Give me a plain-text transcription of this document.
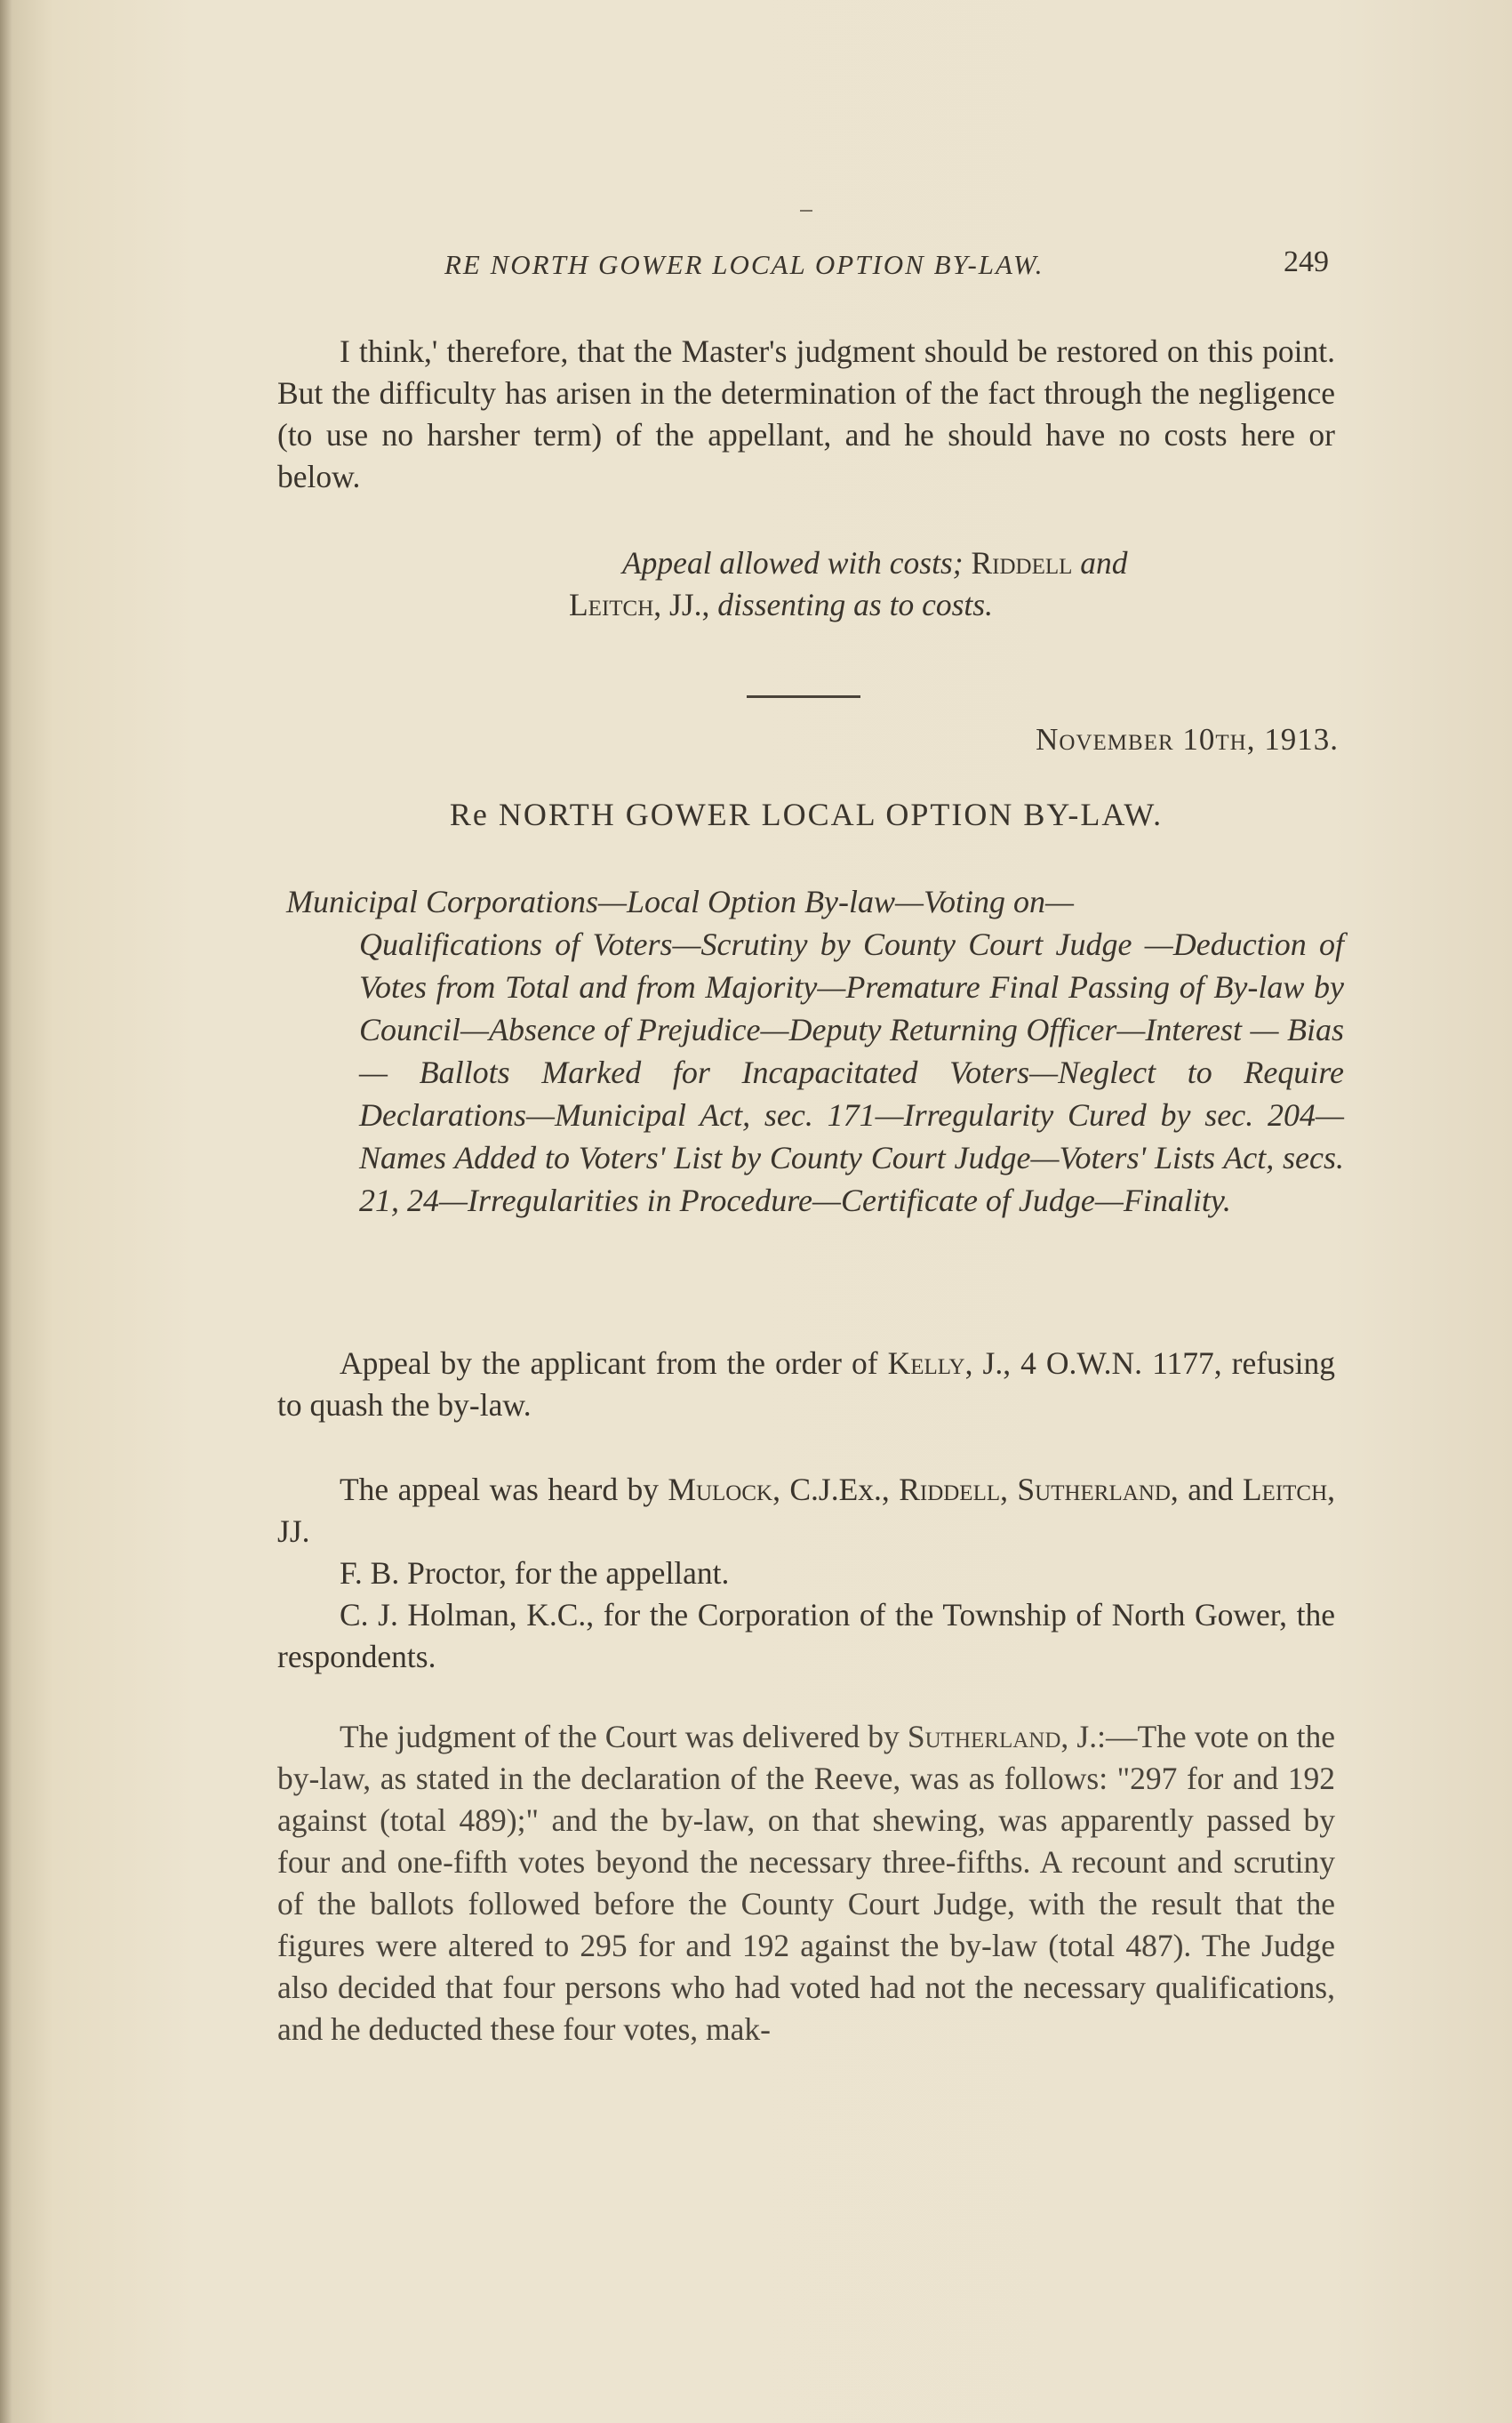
RE NORTH GOWER LOCAL OPTION BY-LAW.	249

I think,' therefore, that the Master's judgment should be restored on this point. But the difficulty has arisen in the determination of the fact through the negligence (to use no harsher term) of the appellant, and he should have no costs here or below.

Appeal allowed with costs; Riddell and
Leitch, JJ., dissenting as to costs.
November 10th, 1913.
Re NORTH GOWER LOCAL OPTION BY-LAW.
Municipal Corporations—Local Option By-law—Voting on—
Qualifications of Voters—Scrutiny by County Court Judge —Deduction of Votes from Total and from Majority—Premature Final Passing of By-law by Council—Absence of Prejudice—Deputy Returning Officer—Interest — Bias — Ballots Marked for Incapacitated Voters—Neglect to Require Declarations—Municipal Act, sec. 171—Irregularity Cured by sec. 204—Names Added to Voters' List by County Court Judge—Voters' Lists Act, secs. 21, 24—Irregularities in Procedure—Certificate of Judge—Finality.

Appeal by the applicant from the order of Kelly, J., 4 O.W.N. 1177, refusing to quash the by-law.

The appeal was heard by Mulock, C.J.Ex., Riddell, Sutherland, and Leitch, JJ.

F. B. Proctor, for the appellant.

C. J. Holman, K.C., for the Corporation of the Township of North Gower, the respondents.

The judgment of the Court was delivered by Sutherland, J.:—The vote on the by-law, as stated in the declaration of the Reeve, was as follows: "297 for and 192 against (total 489);" and the by-law, on that shewing, was apparently passed by four and one-fifth votes beyond the necessary three-fifths. A recount and scrutiny of the ballots followed before the County Court Judge, with the result that the figures were altered to 295 for and 192 against the by-law (total 487). The Judge also decided that four persons who had voted had not the necessary qualifications, and he deducted these four votes, mak-
